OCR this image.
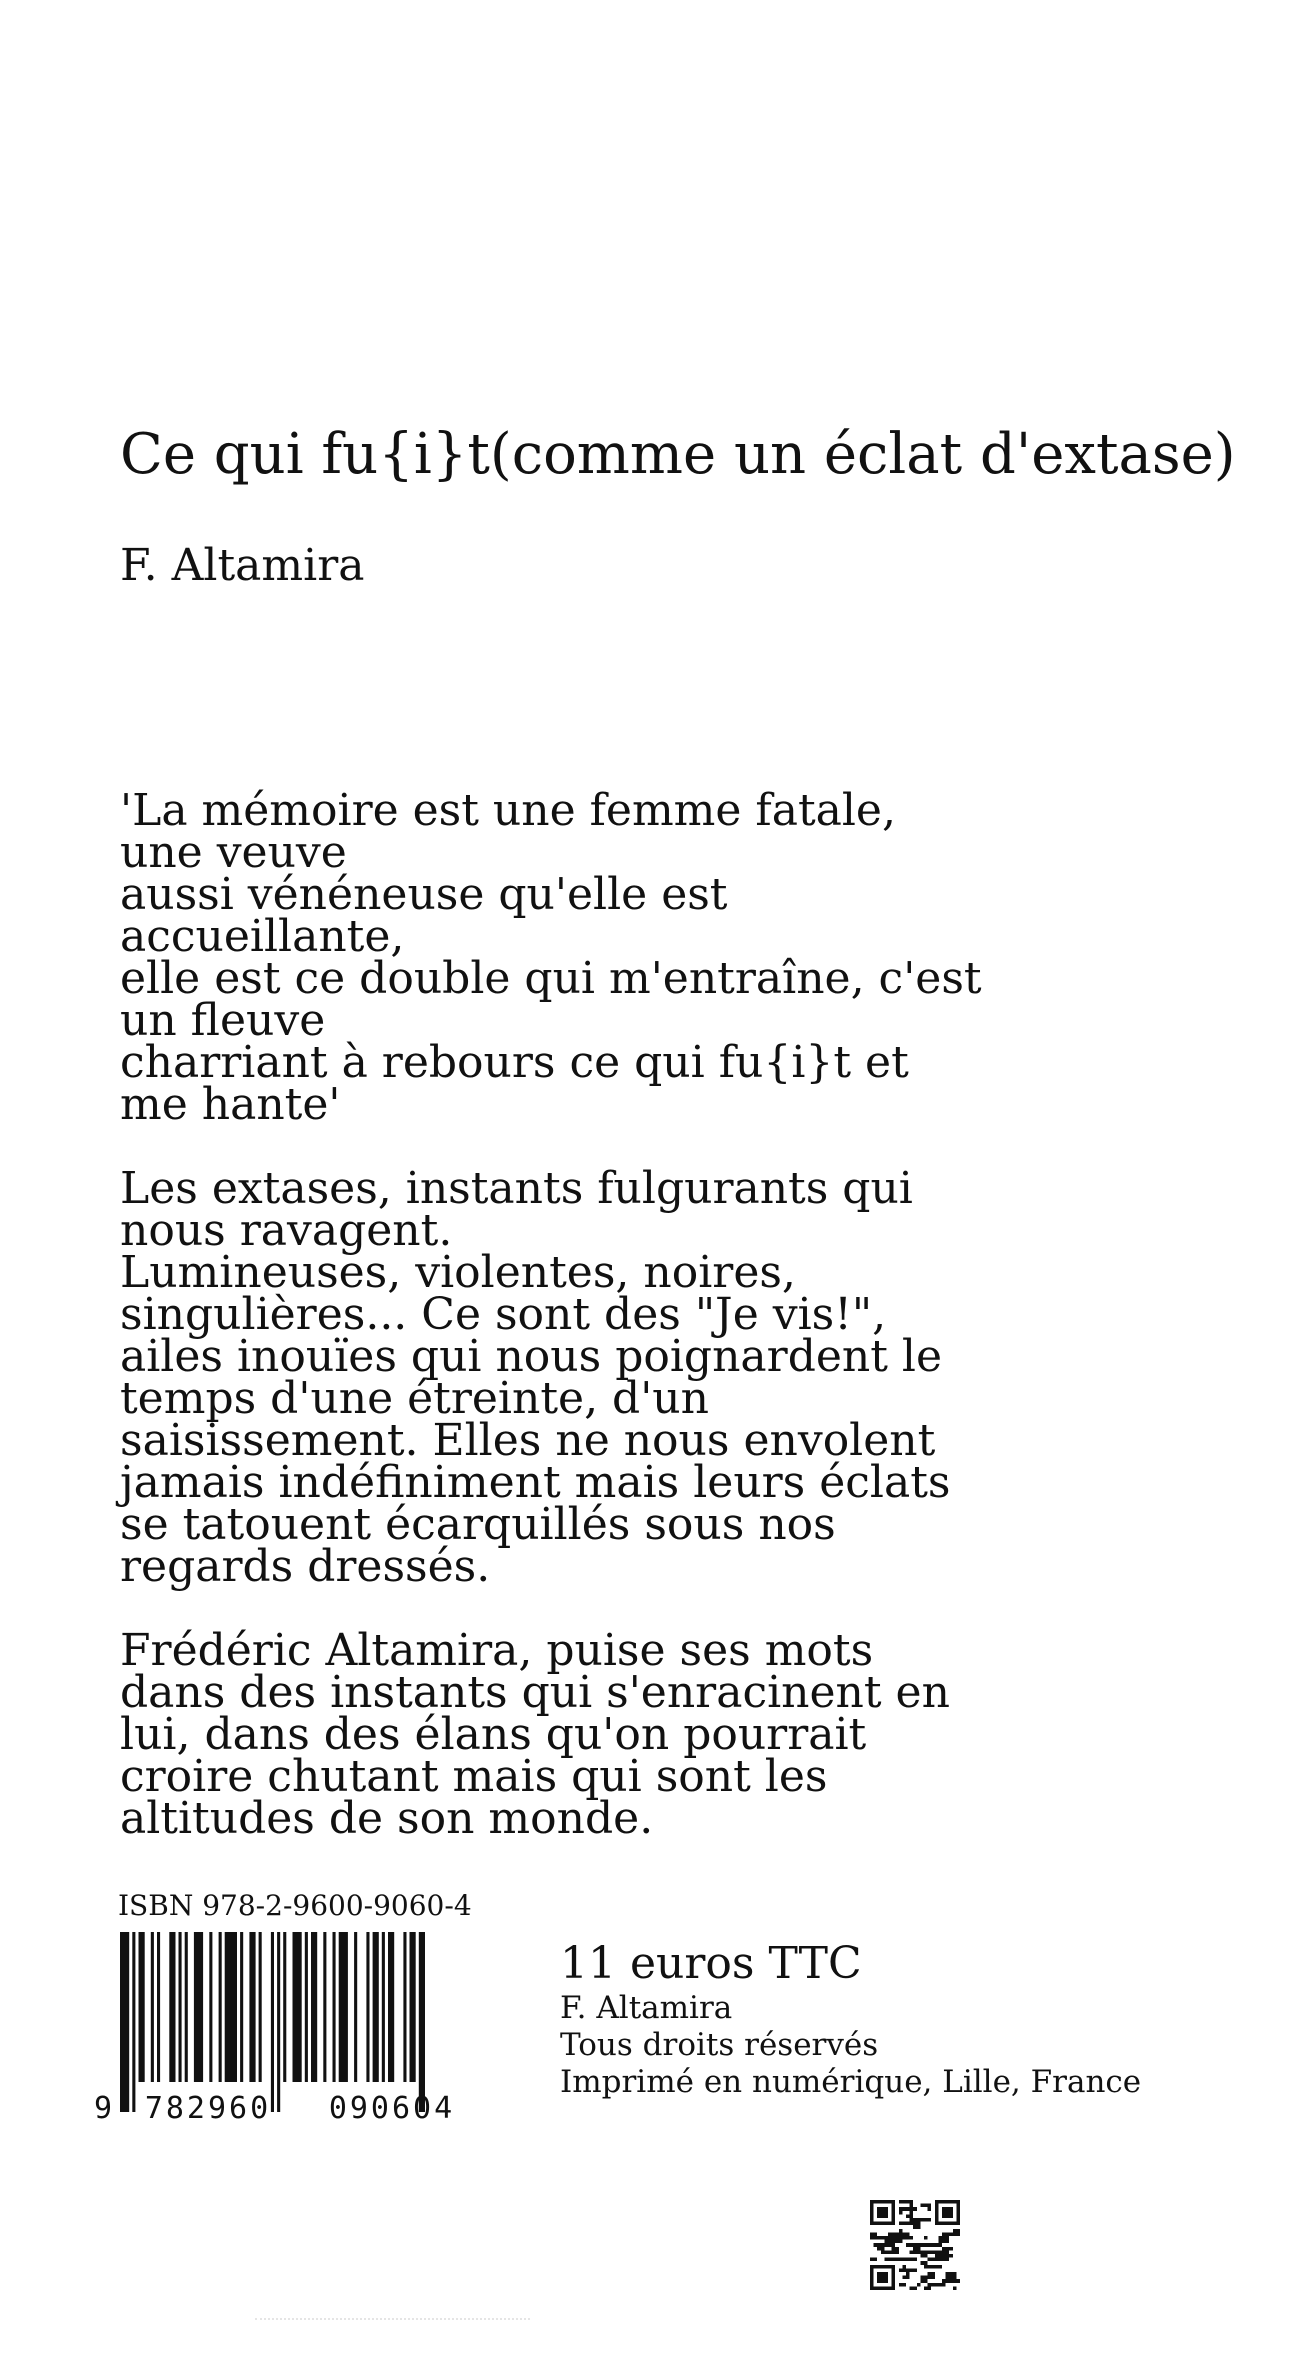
Ce qui fu{i}t(comme un éclat d'extase)
F. Altamira

'La mémoire est une femme fatale, une veuve
aussi vénéneuse qu'elle est accueillante,
elle est ce double qui m'entraîne, c'est un fleuve
charriant à rebours ce qui fu{i}t et me hante'

Les extases, instants fulgurants qui nous ravagent.
Lumineuses, violentes, noires, singulières... Ce sont des "Je vis!", ailes inouïes qui nous poignardent le temps d'une étreinte, d'un saisissement. Elles ne nous envolent jamais indéfiniment mais leurs éclats se tatouent écarquillés sous nos regards dressés.

Frédéric Altamira, puise ses mots dans des instants qui s'enracinent en lui, dans des élans qu'on pourrait croire chutant mais qui sont les altitudes de son monde.

ISBN 978-2-9600-9060-4
9 782960 090604
11 euros TTC
F. Altamira
Tous droits réservés
Imprimé en numérique, Lille, France
